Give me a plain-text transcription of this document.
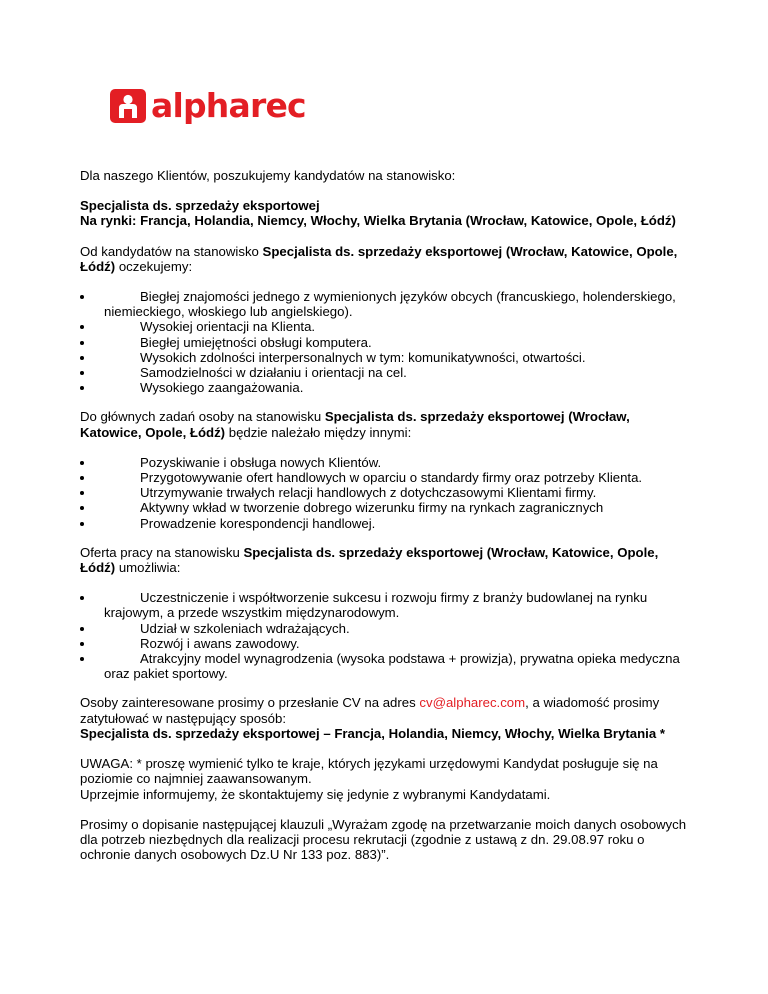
alpharec

Dla naszego Klientów, poszukujemy kandydatów na stanowisko:

Specjalista ds. sprzedaży eksportowej
Na rynki: Francja, Holandia, Niemcy, Włochy, Wielka Brytania (Wrocław, Katowice, Opole, Łódź)

Od kandydatów na stanowisko Specjalista ds. sprzedaży eksportowej (Wrocław, Katowice, Opole, Łódź) oczekujemy:

Biegłej znajomości jednego z wymienionych języków obcych (francuskiego, holenderskiego, niemieckiego, włoskiego lub angielskiego).
Wysokiej orientacji na Klienta.
Biegłej umiejętności obsługi komputera.
Wysokich zdolności interpersonalnych w tym: komunikatywności, otwartości.
Samodzielności w działaniu i orientacji na cel.
Wysokiego zaangażowania.

Do głównych zadań osoby na stanowisku Specjalista ds. sprzedaży eksportowej (Wrocław, Katowice, Opole, Łódź) będzie należało między innymi:

Pozyskiwanie i obsługa nowych Klientów.
Przygotowywanie ofert handlowych w oparciu o standardy firmy oraz potrzeby Klienta.
Utrzymywanie trwałych relacji handlowych z dotychczasowymi Klientami firmy.
Aktywny wkład w tworzenie dobrego wizerunku firmy na rynkach zagranicznych
Prowadzenie korespondencji handlowej.

Oferta pracy na stanowisku Specjalista ds. sprzedaży eksportowej (Wrocław, Katowice, Opole, Łódź) umożliwia:

Uczestniczenie i współtworzenie sukcesu i rozwoju firmy z branży budowlanej na rynku krajowym, a przede wszystkim międzynarodowym.
Udział w szkoleniach wdrażających.
Rozwój i awans zawodowy.
Atrakcyjny model wynagrodzenia (wysoka podstawa + prowizja), prywatna opieka medyczna oraz pakiet sportowy.

Osoby zainteresowane prosimy o przesłanie CV na adres cv@alpharec.com, a wiadomość prosimy zatytułować w następujący sposób:
Specjalista ds. sprzedaży eksportowej – Francja, Holandia, Niemcy, Włochy, Wielka Brytania *

UWAGA: * proszę wymienić tylko te kraje, których językami urzędowymi Kandydat posługuje się na poziomie co najmniej zaawansowanym.
Uprzejmie informujemy, że skontaktujemy się jedynie z wybranymi Kandydatami.

Prosimy o dopisanie następującej klauzuli „Wyrażam zgodę na przetwarzanie moich danych osobowych dla potrzeb niezbędnych dla realizacji procesu rekrutacji (zgodnie z ustawą z dn. 29.08.97 roku o ochronie danych osobowych Dz.U Nr 133 poz. 883)”.
